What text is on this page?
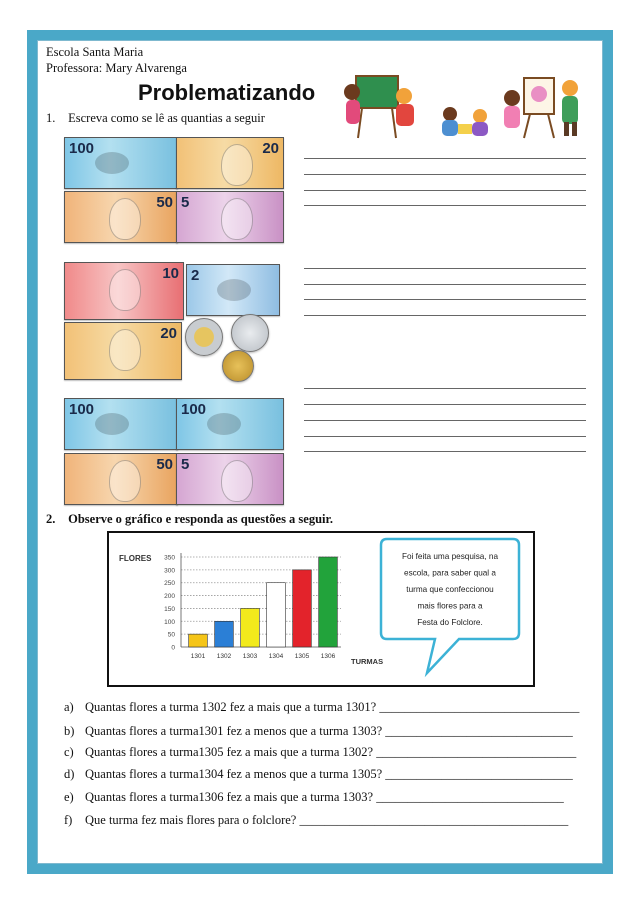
Escola Santa Maria
Professora: Mary Alvarenga
Problematizando
1. Escreva como se lê as quantias a seguir
100	20
50 5
10 2
20
100	100
50 5
2. Observe o gráfico e responda as questões a seguir.
0
50
100
150
200
250
300
350
1301 1302 1303 1304 1305 1306
FLORES
TURMAS
Foi feita uma pesquisa, na escola, para saber qual a turma que confeccionou mais flores para a Festa do Folclore.
a) Quantas flores a turma 1302 fez a mais que a turma 1301? ________________________________
b) Quantas flores a turma1301 fez a menos que a turma 1303? ______________________________
c) Quantas flores a turma1305 fez a mais que a turma 1302? ________________________________
d) Quantas flores a turma1304 fez a menos que a turma 1305? ______________________________
e) Quantas flores a turma1306 fez a mais que a turma 1303? ______________________________
f) Que turma fez mais flores para o folclore? ___________________________________________
